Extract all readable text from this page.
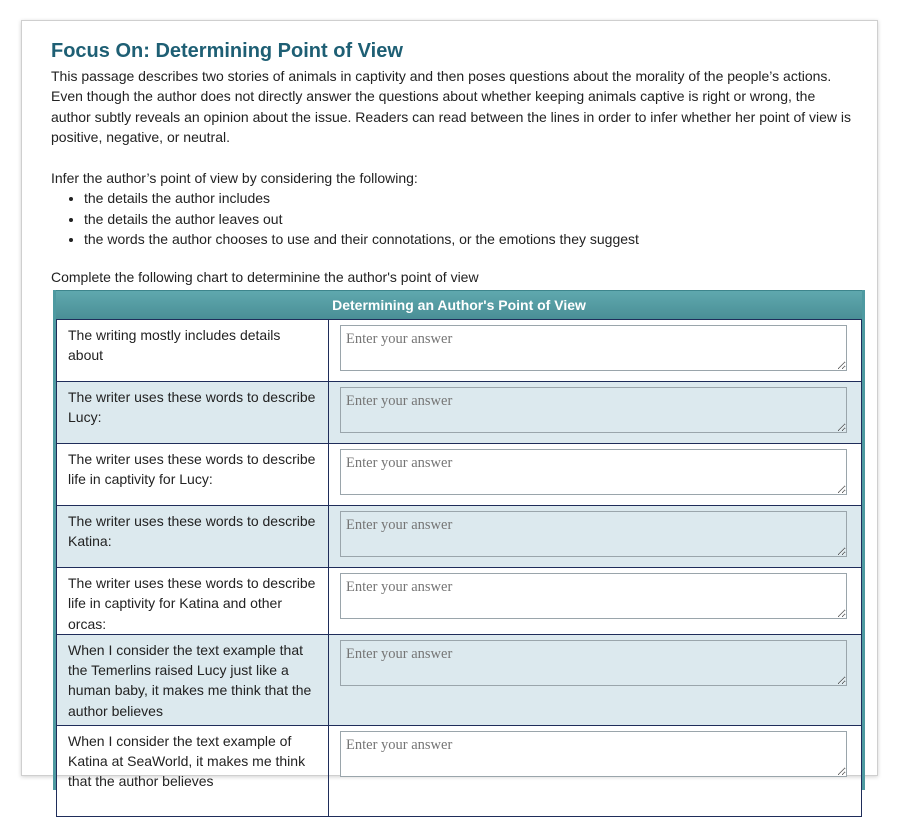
Focus On: Determining Point of View
This passage describes two stories of animals in captivity and then poses questions about the morality of the people’s actions. Even though the author does not directly answer the questions about whether keeping animals captive is right or wrong, the author subtly reveals an opinion about the issue. Readers can read between the lines in order to infer whether her point of view is positive, negative, or neutral.
Infer the author’s point of view by considering the following:
• the details the author includes
• the details the author leaves out
• the words the author chooses to use and their connotations, or the emotions they suggest
Complete the following chart to determinine the author's point of view
Determining an Author's Point of View
The writing mostly includes details about	Enter your answer
The writer uses these words to describe Lucy:	Enter your answer
The writer uses these words to describe life in captivity for Lucy:	Enter your answer
The writer uses these words to describe Katina:	Enter your answer
The writer uses these words to describe life in captivity for Katina and other orcas:	Enter your answer
When I consider the text example that the Temerlins raised Lucy just like a human baby, it makes me think that the author believes	Enter your answer
When I consider the text example of Katina at SeaWorld, it makes me think that the author believes	Enter your answer
